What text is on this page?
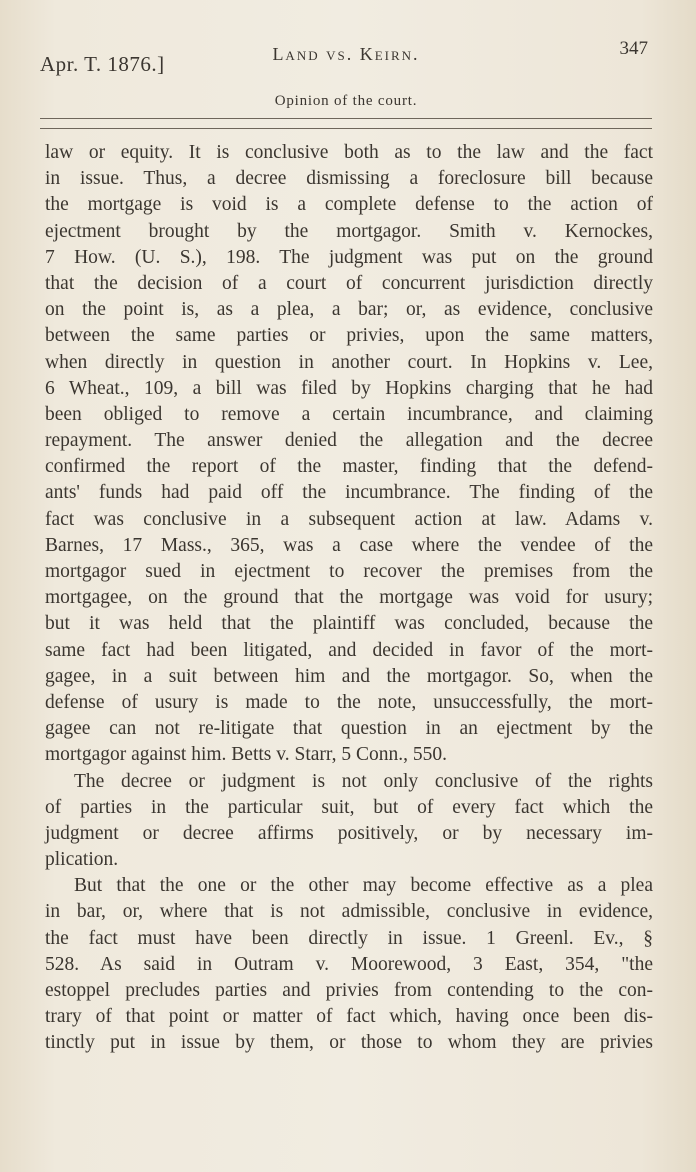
Apr. T. 1876.]	Land vs. Keirn.	347
Opinion of the court.
law or equity. It is conclusive both as to the law and the fact
in issue. Thus, a decree dismissing a foreclosure bill because
the mortgage is void is a complete defense to the action of
ejectment brought by the mortgagor. Smith v. Kernockes,
7 How. (U. S.), 198. The judgment was put on the ground
that the decision of a court of concurrent jurisdiction directly
on the point is, as a plea, a bar; or, as evidence, conclusive
between the same parties or privies, upon the same matters,
when directly in question in another court. In Hopkins v. Lee,
6 Wheat., 109, a bill was filed by Hopkins charging that he had
been obliged to remove a certain incumbrance, and claiming
repayment. The answer denied the allegation and the decree
confirmed the report of the master, finding that the defend-
ants' funds had paid off the incumbrance. The finding of the
fact was conclusive in a subsequent action at law. Adams v.
Barnes, 17 Mass., 365, was a case where the vendee of the
mortgagor sued in ejectment to recover the premises from the
mortgagee, on the ground that the mortgage was void for usury;
but it was held that the plaintiff was concluded, because the
same fact had been litigated, and decided in favor of the mort-
gagee, in a suit between him and the mortgagor. So, when the
defense of usury is made to the note, unsuccessfully, the mort-
gagee can not re-litigate that question in an ejectment by the
mortgagor against him. Betts v. Starr, 5 Conn., 550.
The decree or judgment is not only conclusive of the rights
of parties in the particular suit, but of every fact which the
judgment or decree affirms positively, or by necessary im-
plication.
But that the one or the other may become effective as a plea
in bar, or, where that is not admissible, conclusive in evidence,
the fact must have been directly in issue. 1 Greenl. Ev., §
528. As said in Outram v. Moorewood, 3 East, 354, "the
estoppel precludes parties and privies from contending to the con-
trary of that point or matter of fact which, having once been dis-
tinctly put in issue by them, or those to whom they are privies
